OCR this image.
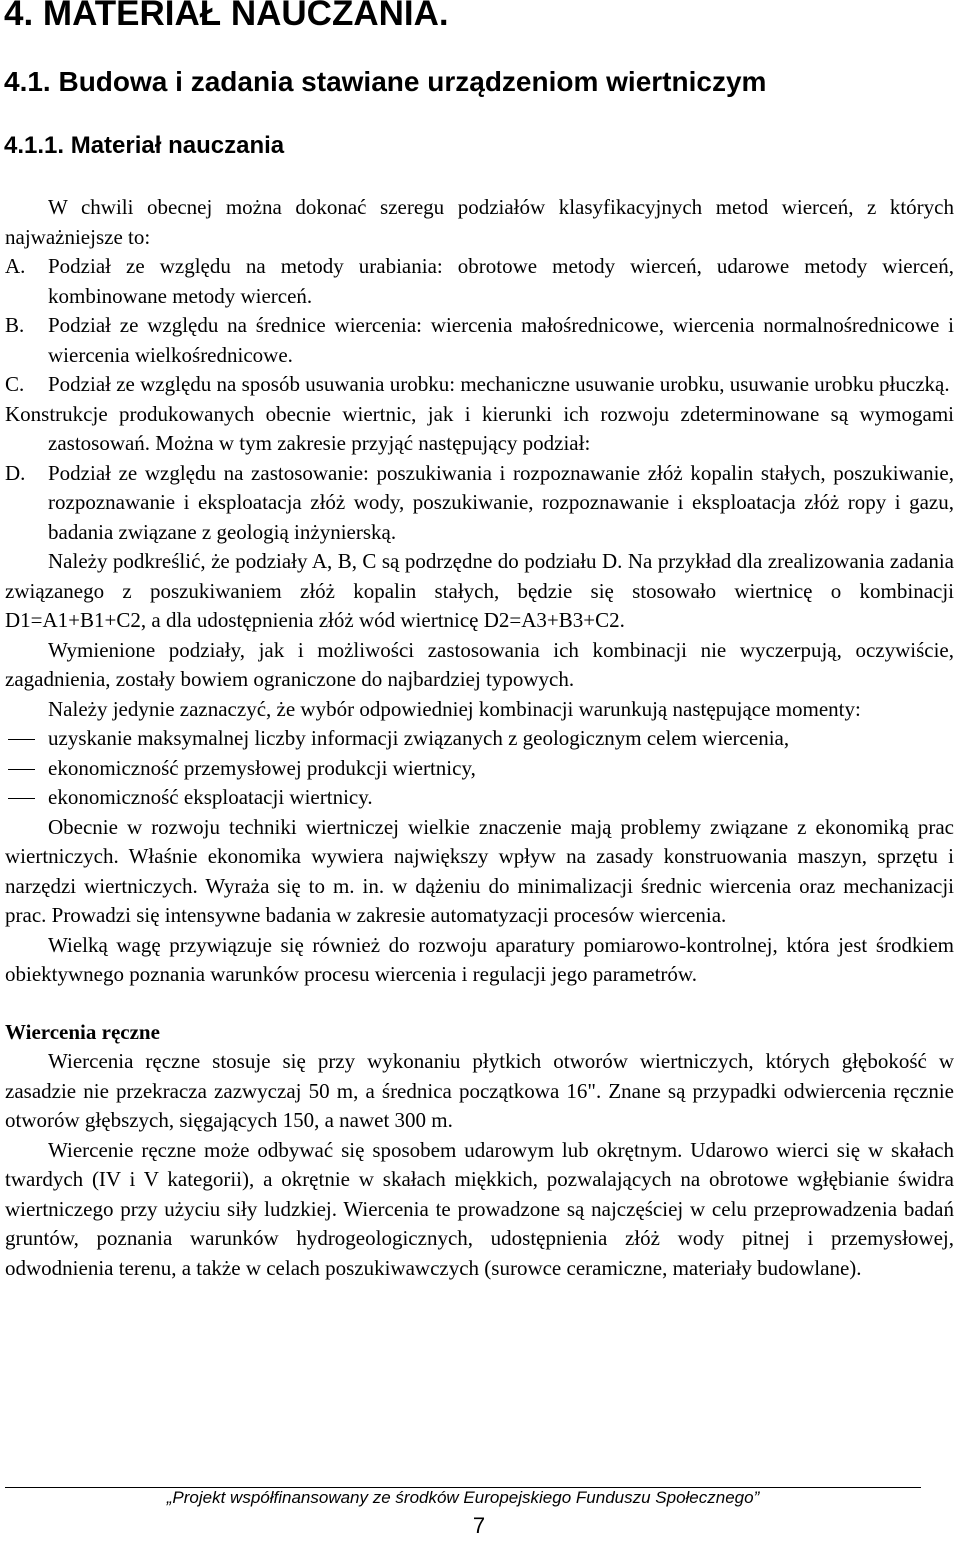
4. MATERIAŁ NAUCZANIA.
4.1. Budowa i zadania stawiane urządzeniom wiertniczym
4.1.1. Materiał nauczania

W chwili obecnej można dokonać szeregu podziałów klasyfikacyjnych metod wierceń, z których najważniejsze to:

A. Podział ze względu na metody urabiania: obrotowe metody wierceń, udarowe metody wierceń, kombinowane metody wierceń.

B. Podział ze względu na średnice wiercenia: wiercenia małośrednicowe, wiercenia normalnośrednicowe i wiercenia wielkośrednicowe.

C. Podział ze względu na sposób usuwania urobku: mechaniczne usuwanie urobku, usuwanie urobku płuczką.

Konstrukcje produkowanych obecnie wiertnic, jak i kierunki ich rozwoju zdeterminowane są wymogami zastosowań. Można w tym zakresie przyjąć następujący podział:

D. Podział ze względu na zastosowanie: poszukiwania i rozpoznawanie złóż kopalin stałych, poszukiwanie, rozpoznawanie i eksploatacja złóż wody, poszukiwanie, rozpoznawanie i eksploatacja złóż ropy i gazu, badania związane z geologią inżynierską.

Należy podkreślić, że podziały A, B, C są podrzędne do podziału D. Na przykład dla zrealizowania zadania związanego z poszukiwaniem złóż kopalin stałych, będzie się stosowało wiertnicę o kombinacji D1=A1+B1+C2, a dla udostępnienia złóż wód wiertnicę D2=A3+B3+C2.

Wymienione podziały, jak i możliwości zastosowania ich kombinacji nie wyczerpują, oczywiście, zagadnienia, zostały bowiem ograniczone do najbardziej typowych.

Należy jedynie zaznaczyć, że wybór odpowiedniej kombinacji warunkują następujące momenty:

uzyskanie maksymalnej liczby informacji związanych z geologicznym celem wiercenia,

ekonomiczność przemysłowej produkcji wiertnicy,

ekonomiczność eksploatacji wiertnicy.

Obecnie w rozwoju techniki wiertniczej wielkie znaczenie mają problemy związane z ekonomiką prac wiertniczych. Właśnie ekonomika wywiera największy wpływ na zasady konstruowania maszyn, sprzętu i narzędzi wiertniczych. Wyraża się to m. in. w dążeniu do minimalizacji średnic wiercenia oraz mechanizacji prac. Prowadzi się intensywne badania w zakresie automatyzacji procesów wiercenia.

Wielką wagę przywiązuje się również do rozwoju aparatury pomiarowo-kontrolnej, która jest środkiem obiektywnego poznania warunków procesu wiercenia i regulacji jego parametrów.

Wiercenia ręczne

Wiercenia ręczne stosuje się przy wykonaniu płytkich otworów wiertniczych, których głębokość w zasadzie nie przekracza zazwyczaj 50 m, a średnica początkowa 16". Znane są przypadki odwiercenia ręcznie otworów głębszych, sięgających 150, a nawet 300 m.

Wiercenie ręczne może odbywać się sposobem udarowym lub okrętnym. Udarowo wierci się w skałach twardych (IV i V kategorii), a okrętnie w skałach miękkich, pozwalających na obrotowe wgłębianie świdra wiertniczego przy użyciu siły ludzkiej. Wiercenia te prowadzone są najczęściej w celu przeprowadzenia badań gruntów, poznania warunków hydrogeologicznych, udostępnienia złóż wody pitnej i przemysłowej, odwodnienia terenu, a także w celach poszukiwawczych (surowce ceramiczne, materiały budowlane).

„Projekt współfinansowany ze środków Europejskiego Funduszu Społecznego”
7
